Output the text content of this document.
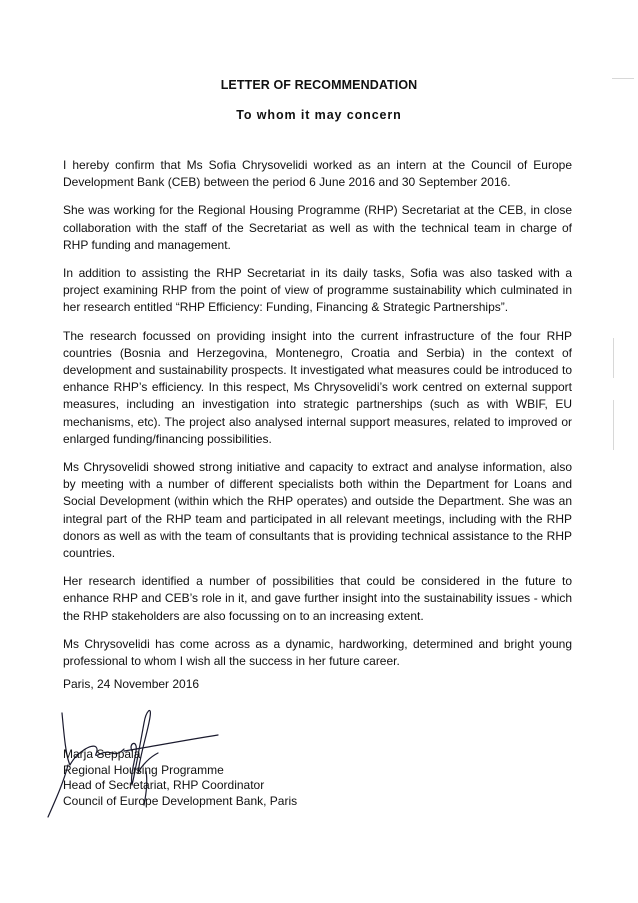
LETTER OF RECOMMENDATION
To whom it may concern

I hereby confirm that Ms Sofia Chrysovelidi worked as an intern at the Council of Europe Development Bank (CEB) between the period 6 June 2016 and 30 September 2016.

She was working for the Regional Housing Programme (RHP) Secretariat at the CEB, in close collaboration with the staff of the Secretariat as well as with the technical team in charge of RHP funding and management.

In addition to assisting the RHP Secretariat in its daily tasks, Sofia was also tasked with a project examining RHP from the point of view of programme sustainability which culminated in her research entitled “RHP Efficiency: Funding, Financing & Strategic Partnerships”.

The research focussed on providing insight into the current infrastructure of the four RHP countries (Bosnia and Herzegovina, Montenegro, Croatia and Serbia) in the context of development and sustainability prospects. It investigated what measures could be introduced to enhance RHP’s efficiency. In this respect, Ms Chrysovelidi’s work centred on external support measures, including an investigation into strategic partnerships (such as with WBIF, EU mechanisms, etc). The project also analysed internal support measures, related to improved or enlarged funding/financing possibilities.

Ms Chrysovelidi showed strong initiative and capacity to extract and analyse information, also by meeting with a number of different specialists both within the Department for Loans and Social Development (within which the RHP operates) and outside the Department. She was an integral part of the RHP team and participated in all relevant meetings, including with the RHP donors as well as with the team of consultants that is providing technical assistance to the RHP countries.

Her research identified a number of possibilities that could be considered in the future to enhance RHP and CEB’s role in it, and gave further insight into the sustainability issues - which the RHP stakeholders are also focussing on to an increasing extent.

Ms Chrysovelidi has come across as a dynamic, hardworking, determined and bright young professional to whom I wish all the success in her future career.

Paris, 24 November 2016
Marja Seppala
Regional Housing Programme
Head of Secretariat, RHP Coordinator
Council of Europe Development Bank, Paris
